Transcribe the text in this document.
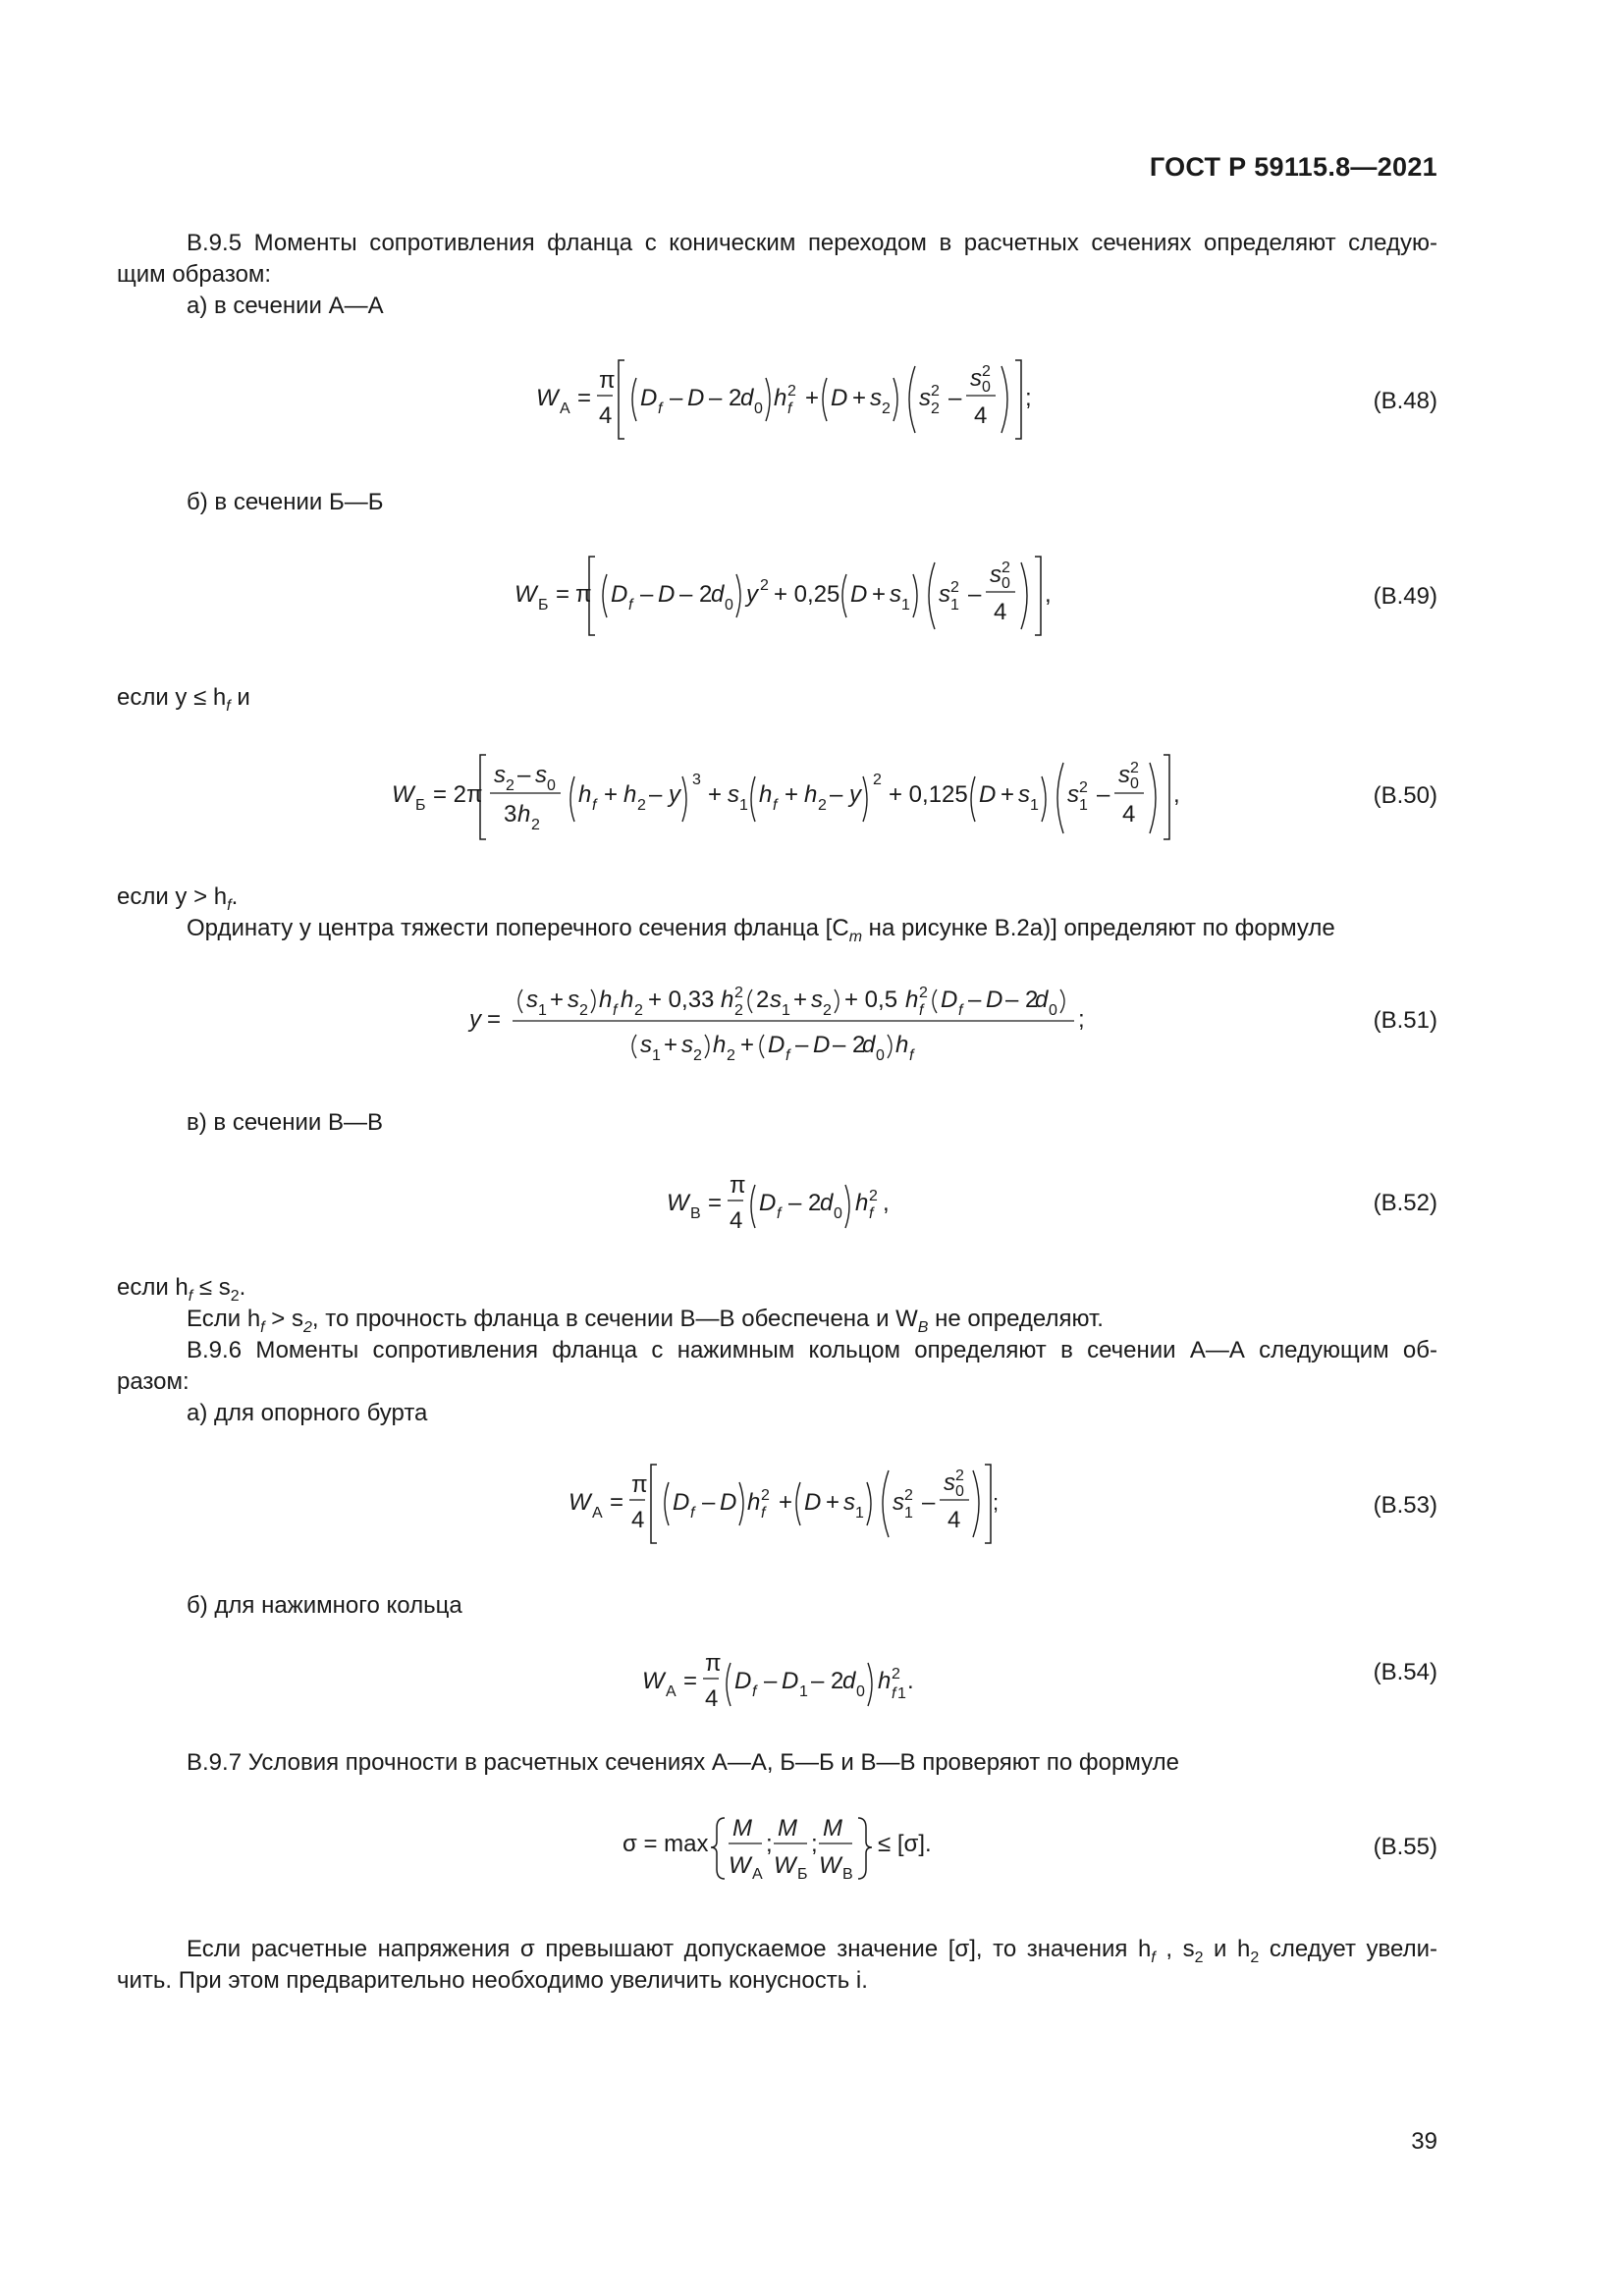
ГОСТ Р 59115.8—2021
В.9.5 Моменты сопротивления фланца с коническим переходом в расчетных сечениях определяют следую-
щим образом:
а) в сечении А—А
W А =
π
4
D f – D – 2
d 0 h 2
f + D + s 2 s 2
2 –
s 2
0
4
;	(В.48)
б) в сечении Б—Б
W Б = π D f – D – 2
d 0 y 2 + 0,25 D + s 1 s 2
1 –
s 2
0
4
,	(В.49)
если $y \le h_f$ и
W Б = 2π
s 2 – s 0
3 h 2
h f + h 2 – y
3
+ s 1 h f + h 2 – y
2
+ 0,125 D + s 1 s 2
1 –
s 2
0
4
,	(В.50)
если $y > h_f$.
Ординату y центра тяжести поперечного сечения фланца [$C_m$ на рисунке В.2а)] определяют по формуле
y =
s 1 + s 2 h f h 2 + 0,33 h 2
2 2 s 1 + s 2 + 0,5 h 2
f D f – D – 2
d 0 ;
s 1 + s 2 h 2 + D f – D – 2
d 0 h f
(В.51)
в) в сечении В—В
W В =
π
4
D f – 2
d 0 h 2
f ,	(В.52)
если $h_f \le s_2$.
Если $h_f > s_2$, то прочность фланца в сечении В—В обеспечена и $W_B$ не определяют.
В.9.6 Моменты сопротивления фланца с нажимным кольцом определяют в сечении А—А следующим об-
разом:
а) для опорного бурта
W А =
π
4
D f – D h 2
f + D + s 1 s 2
1 –
s 2
0
4
;	(В.53)
б) для нажимного кольца
W А =
π
4
D f – D 1 – 2
d 0 h 2
f 1 .	(В.54)
В.9.7 Условия прочности в расчетных сечениях А—А, Б—Б и В—В проверяют по формуле
σ = max
M
W А
;
M
W Б
;
M
W В
≤ [σ].	(В.55)
Если расчетные напряжения σ превышают допускаемое значение [σ], то значения $h_f$ , $s_2$ и $h_2$ следует увели-
чить. При этом предварительно необходимо увеличить конусность i.
39
